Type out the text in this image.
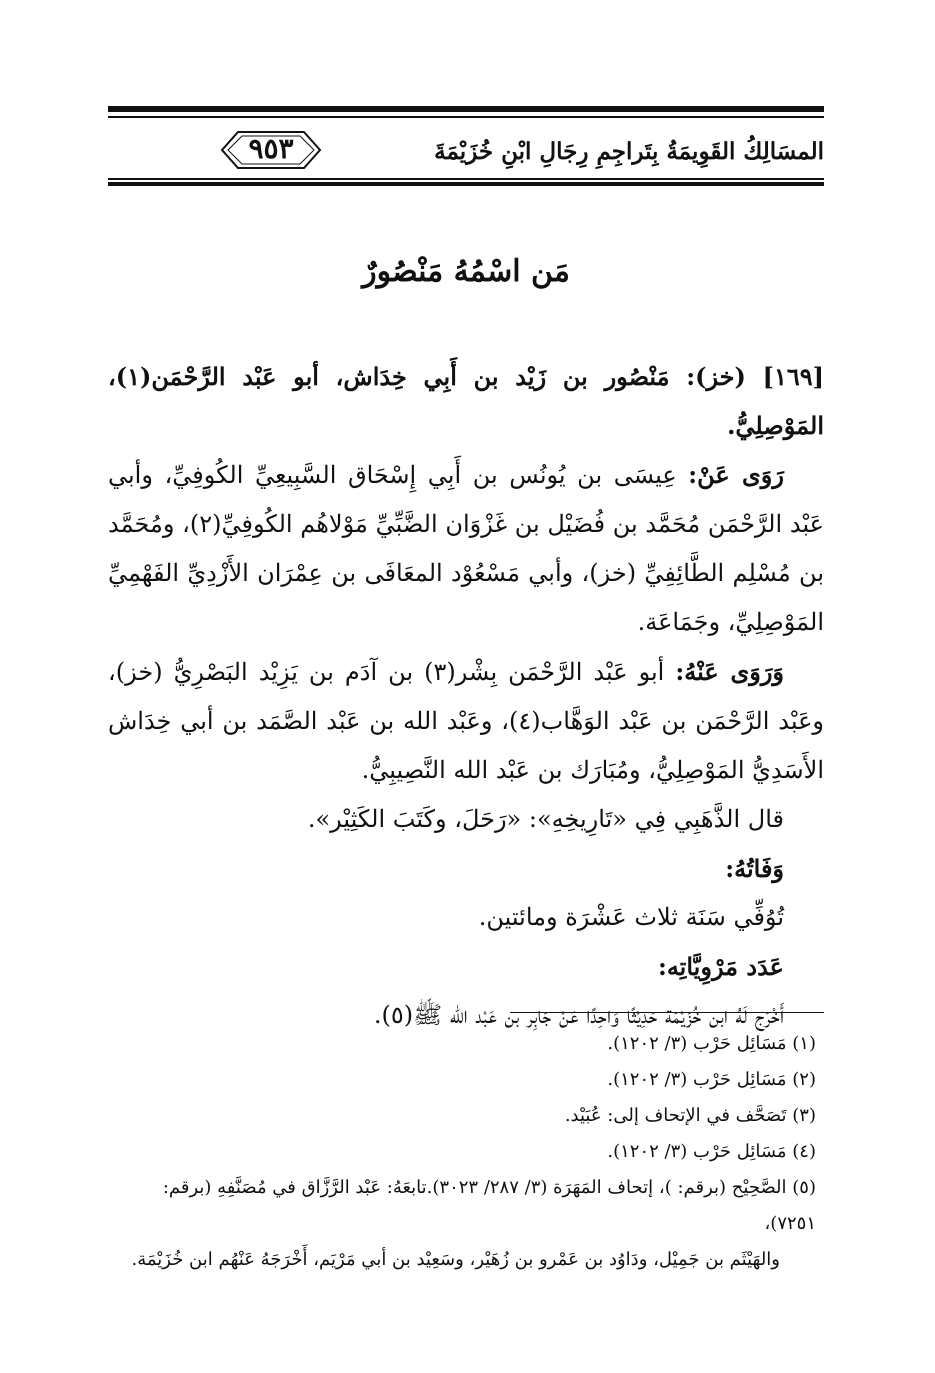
٩٥٣	المسَالِكُ القَوِيمَةُ بِتَراجِمِ رِجَالِ ابْنِ خُزَيْمَةَ
مَن اسْمُهُ مَنْصُورٌ

[١٦٩] (خز): مَنْصُور بن زَيْد بن أَبِي خِدَاش، أبو عَبْد الرَّحْمَن(١)، المَوْصِلِيُّ.

رَوَى عَنْ: عِيسَى بن يُونُس بن أَبِي إِسْحَاق السَّبِيعِيِّ الكُوفِيِّ، وأبي عَبْد الرَّحْمَن مُحَمَّد بن فُضَيْل بن غَزْوَان الضَّبِّيِّ مَوْلاهُم الكُوفِيِّ(٢)، ومُحَمَّد بن مُسْلِم الطَّائِفِيِّ (خز)، وأبي مَسْعُوْد المعَافَى بن عِمْرَان الأَزْدِيِّ الفَهْمِيِّ المَوْصِلِيِّ، وجَمَاعَة.

وَرَوَى عَنْهُ: أبو عَبْد الرَّحْمَن بِشْر(٣) بن آدَم بن يَزِيْد البَصْرِيُّ (خز)، وعَبْد الرَّحْمَن بن عَبْد الوَهَّاب(٤)، وعَبْد الله بن عَبْد الصَّمَد بن أبي خِدَاش الأَسَدِيُّ المَوْصِلِيُّ، ومُبَارَك بن عَبْد الله النَّصِيبِيُّ.

قال الذَّهَبِي فِي «تَارِيخِهِ»: «رَحَلَ، وكَتَبَ الكَثِيْر».

وَفَاتُهُ:

تُوُفِّي سَنَة ثلاث عَشْرَة ومائتين.

عَدَد مَرْوِيَّاتِه:

أَخْرَج لَهُ ابن خُزَيْمَة حَدِيْثًا وَاحِدًا عَنْ جَابِر بن عَبْد الله ﷺ(٥).

(١) مَسَائِل حَرْب (٣/ ١٢٠٢).

(٢) مَسَائِل حَرْب (٣/ ١٢٠٢).

(٣) تَصَحَّف في الإتحاف إلى: عُبَيْد.

(٤) مَسَائِل حَرْب (٣/ ١٢٠٢).

(٥) الصَّحِيْح (برقم: )، إتحاف المَهَرَة (٣/ ٢٨٧/ ٣٠٢٣).تابعَهُ: عَبْد الرَّزَّاق في مُصَنَّفِهِ (برقم: ٧٢٥١)،

والهَيْثَم بن جَمِيْل، ودَاوُد بن عَمْرو بن زُهَيْر، وسَعِيْد بن أبي مَرْيَم، أَخْرَجَهُ عَنْهُم ابن خُزَيْمَة.
